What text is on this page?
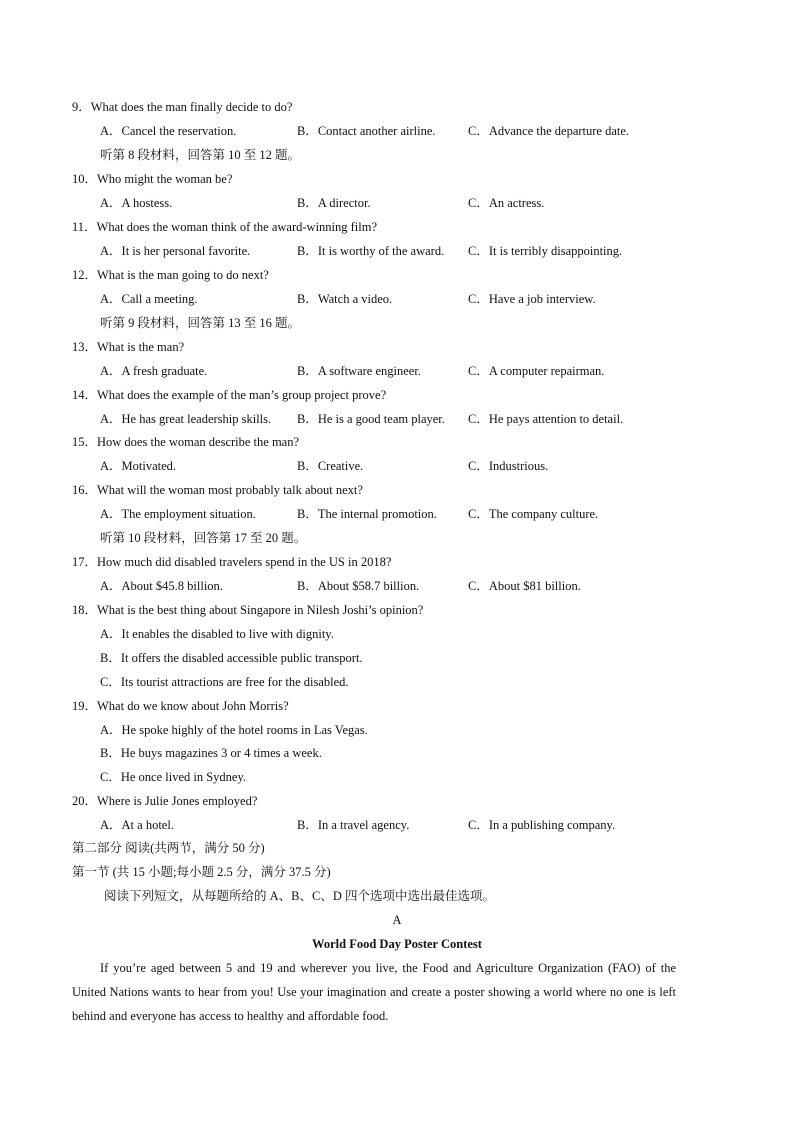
9．What does the man finally decide to do?
A．Cancel the reservation.	B．Contact another airline.	C．Advance the departure date.
听第 8 段材料，回答第 10 至 12 题。
10．Who might the woman be?
A．A hostess.	B．A director.	C．An actress.
11．What does the woman think of the award-winning film?
A．It is her personal favorite.	B．It is worthy of the award. C．It is terribly disappointing.
12．What is the man going to do next?
A．Call a meeting.	B．Watch a video.	C．Have a job interview.
听第 9 段材料，回答第 13 至 16 题。
13．What is the man?
A．A fresh graduate.	B．A software engineer.	C．A computer repairman.
14．What does the example of the man’s group project prove?
A．He has great leadership skills. B．He is a good team player. C．He pays attention to detail.
15．How does the woman describe the man?
A．Motivated.	B．Creative.	C．Industrious.
16．What will the woman most probably talk about next?
A．The employment situation.	B．The internal promotion. C．The company culture.
听第 10 段材料，回答第 17 至 20 题。
17．How much did disabled travelers spend in the US in 2018?
A．About $45.8 billion.	B．About $58.7 billion.	C．About $81 billion.
18．What is the best thing about Singapore in Nilesh Joshi’s opinion?
A．It enables the disabled to live with dignity.
B．It offers the disabled accessible public transport.
C．Its tourist attractions are free for the disabled.
19．What do we know about John Morris?
A．He spoke highly of the hotel rooms in Las Vegas.
B．He buys magazines 3 or 4 times a week.
C．He once lived in Sydney.
20．Where is Julie Jones employed?
A．At a hotel.	B．In a travel agency.	C．In a publishing company.
第二部分 阅读(共两节，满分 50 分)
第一节 (共 15 小题;每小题 2.5 分，满分 37.5 分)
阅读下列短文，从每题所给的 A、B、C、D 四个选项中选出最佳选项。
A
World Food Day Poster Contest
If you’re aged between 5 and 19 and wherever you live, the Food and Agriculture Organization (FAO) of the United Nations wants to hear from you! Use your imagination and create a poster showing a world where no one is left behind and everyone has access to healthy and affordable food.
